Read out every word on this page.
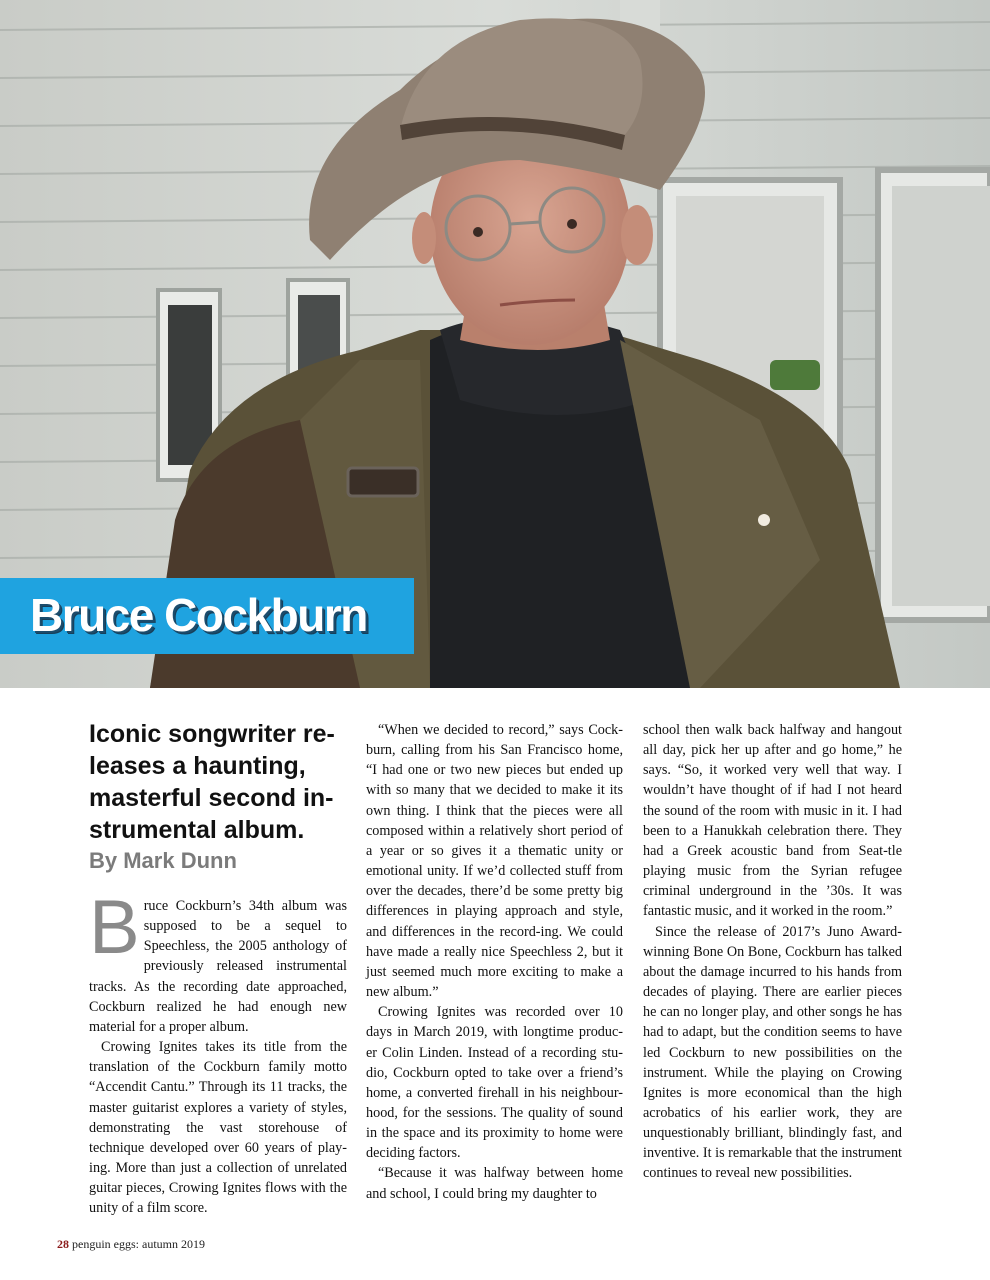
Bruce Cockburn

Iconic songwriter re-leases a haunting, masterful second in-strumental album.

By Mark Dunn

B ruce Cockburn’s 34th album was supposed to be a sequel to Speechless, the 2005 anthology of previously released instrumental tracks. As the recording date approached, Cockburn realized he had enough new material for a proper album.

Crowing Ignites takes its title from the translation of the Cockburn family motto “Accendit Cantu.” Through its 11 tracks, the master guitarist explores a variety of styles, demonstrating the vast storehouse of technique developed over 60 years of play-ing. More than just a collection of unrelated guitar pieces, Crowing Ignites flows with the unity of a film score.

“When we decided to record,” says Cock-burn, calling from his San Francisco home, “I had one or two new pieces but ended up with so many that we decided to make it its own thing. I think that the pieces were all composed within a relatively short period of a year or so gives it a thematic unity or emotional unity. If we’d collected stuff from over the decades, there’d be some pretty big differences in playing approach and style, and differences in the record-ing. We could have made a really nice Speechless 2, but it just seemed much more exciting to make a new album.”

Crowing Ignites was recorded over 10 days in March 2019, with longtime produc-er Colin Linden. Instead of a recording stu-dio, Cockburn opted to take over a friend’s home, a converted firehall in his neighbour-hood, for the sessions. The quality of sound in the space and its proximity to home were deciding factors.

“Because it was halfway between home and school, I could bring my daughter to

school then walk back halfway and hangout all day, pick her up after and go home,” he says. “So, it worked very well that way. I wouldn’t have thought of if had I not heard the sound of the room with music in it. I had been to a Hanukkah celebration there. They had a Greek acoustic band from Seat-tle playing music from the Syrian refugee criminal underground in the ’30s. It was fantastic music, and it worked in the room.”

Since the release of 2017’s Juno Award-winning Bone On Bone, Cockburn has talked about the damage incurred to his hands from decades of playing. There are earlier pieces he can no longer play, and other songs he has had to adapt, but the condition seems to have led Cockburn to new possibilities on the instrument. While the playing on Crowing Ignites is more economical than the high acrobatics of his earlier work, they are unquestionably brilliant, blindingly fast, and inventive. It is remarkable that the instrument continues to reveal new possibilities.

28 penguin eggs: autumn 2019
